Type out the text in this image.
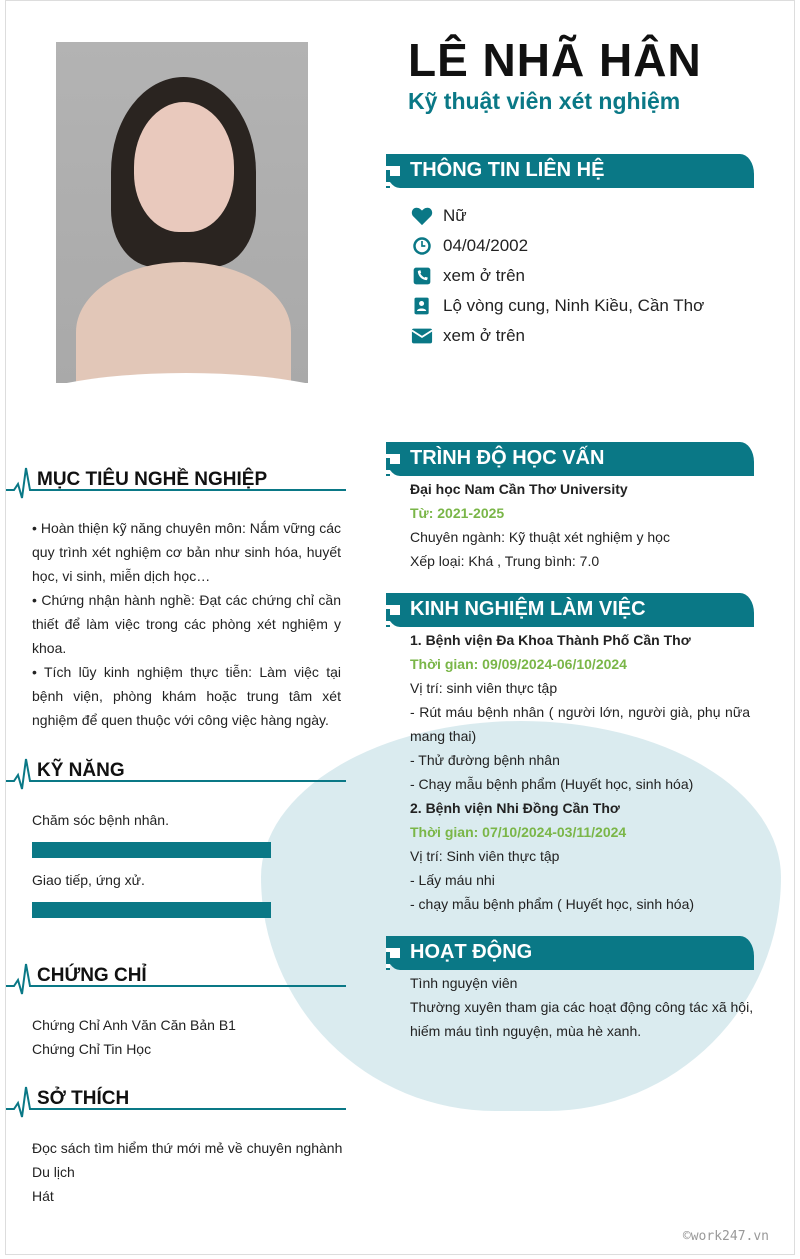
LÊ NHÃ HÂN
Kỹ thuật viên xét nghiệm
THÔNG TIN LIÊN HỆ
Nữ
04/04/2002
xem ở trên
Lộ vòng cung, Ninh Kiều, Cần Thơ
xem ở trên
MỤC TIÊU NGHỀ NGHIỆP

• Hoàn thiện kỹ năng chuyên môn: Nắm vững các quy trình xét nghiệm cơ bản như sinh hóa, huyết học, vi sinh, miễn dịch học…

• Chứng nhận hành nghề: Đạt các chứng chỉ cần thiết để làm việc trong các phòng xét nghiệm y khoa.

• Tích lũy kinh nghiệm thực tiễn: Làm việc tại bệnh viện, phòng khám hoặc trung tâm xét nghiệm để quen thuộc với công việc hàng ngày.

KỸ NĂNG
Chăm sóc bệnh nhân.
Giao tiếp, ứng xử.
CHỨNG CHỈ

Chứng Chỉ Anh Văn Căn Bản B1

Chứng Chỉ Tin Học

SỞ THÍCH

Đọc sách tìm hiểm thứ mới mẻ về chuyên nghành

Du lịch

Hát

TRÌNH ĐỘ HỌC VẤN

Đại học Nam Cần Thơ University

Từ: 2021-2025

Chuyên ngành: Kỹ thuật xét nghiệm y học

Xếp loại: Khá , Trung bình: 7.0

KINH NGHIỆM LÀM VIỆC

1. Bệnh viện Đa Khoa Thành Phố Cần Thơ

Thời gian: 09/09/2024-06/10/2024

Vị trí: sinh viên thực tập

- Rút máu bệnh nhân ( người lớn, người già, phụ nữa mang thai)

- Thử đường bệnh nhân

- Chạy mẫu bệnh phẩm (Huyết học, sinh hóa)

2. Bệnh viện Nhi Đồng Cần Thơ

Thời gian: 07/10/2024-03/11/2024

Vị trí: Sinh viên thực tập

- Lấy máu nhi

- chạy mẫu bệnh phẩm ( Huyết học, sinh hóa)

HOẠT ĐỘNG

Tình nguyện viên

Thường xuyên tham gia các hoạt động công tác xã hội, hiếm máu tình nguyện, mùa hè xanh.

©work247.vn
